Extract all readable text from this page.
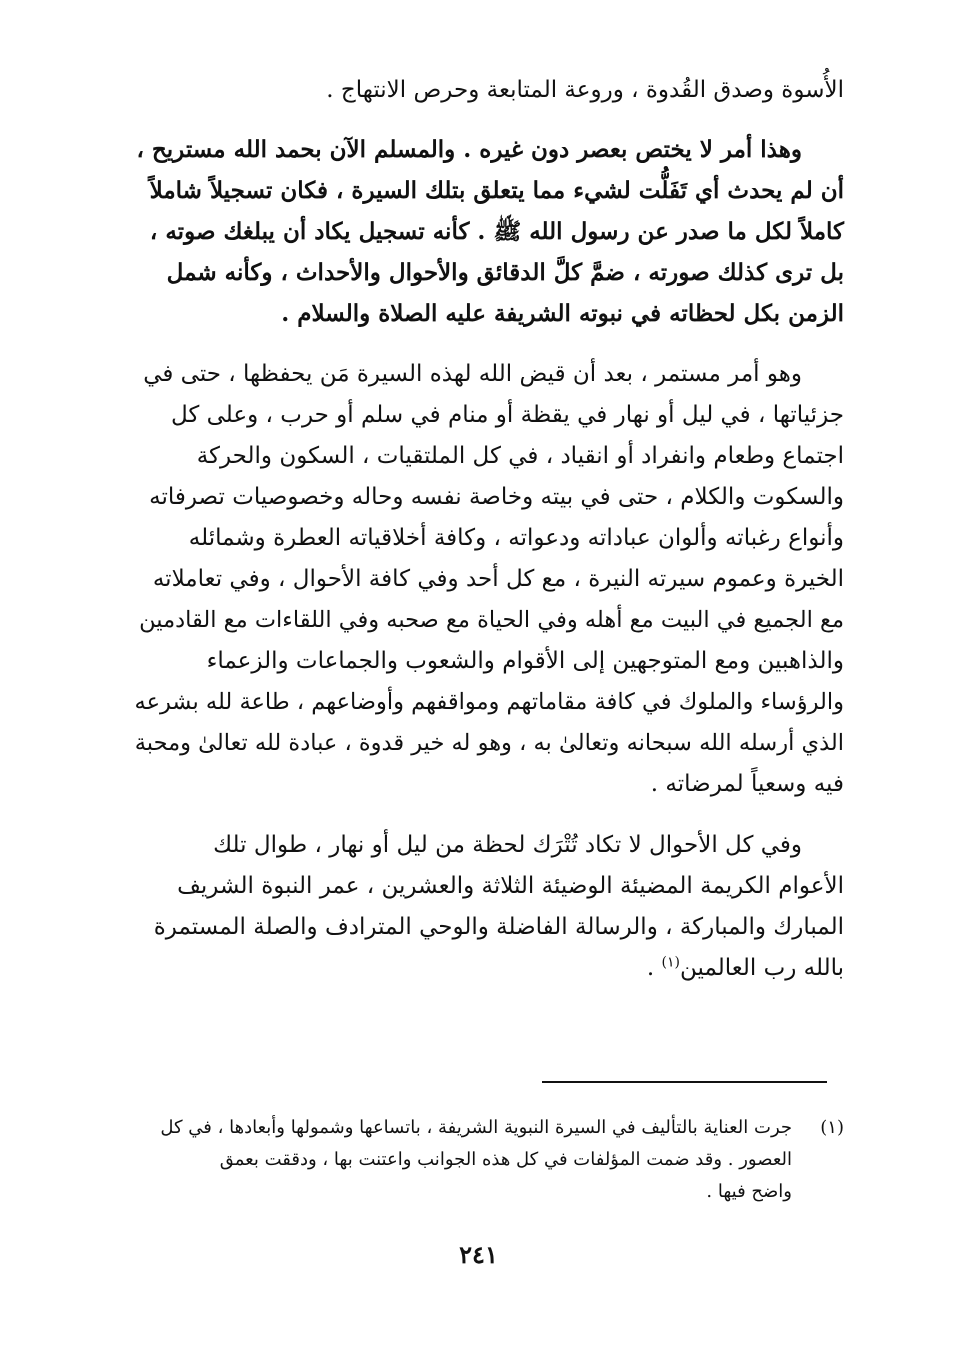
الأُسوة وصدق القُدوة ، وروعة المتابعة وحرص الانتهاج .
وهذا أمر لا يختص بعصر دون غيره . والمسلم الآن بحمد الله مستريح ،
أن لم يحدث أي تَفَلُّت لشيء مما يتعلق بتلك السيرة ، فكان تسجيلاً شاملاً
كاملاً لكل ما صدر عن رسول الله ﷺ . كأنه تسجيل يكاد أن يبلغك صوته ،
بل ترى كذلك صورته ، ضمَّ كلَّ الدقائق والأحوال والأحداث ، وكأنه شمل
الزمن بكل لحظاته في نبوته الشريفة عليه الصلاة والسلام .
وهو أمر مستمر ، بعد أن قيض الله لهذه السيرة مَن يحفظها ، حتى في
جزئياتها ، في ليل أو نهار في يقظة أو منام في سلم أو حرب ، وعلى كل
اجتماع وطعام وانفراد أو انقياد ، في كل الملتقيات ، السكون والحركة
والسكوت والكلام ، حتى في بيته وخاصة نفسه وحاله وخصوصيات تصرفاته
وأنواع رغباته وألوان عباداته ودعواته ، وكافة أخلاقياته العطرة وشمائله
الخيرة وعموم سيرته النيرة ، مع كل أحد وفي كافة الأحوال ، وفي تعاملاته
مع الجميع في البيت مع أهله وفي الحياة مع صحبه وفي اللقاءات مع القادمين
والذاهبين ومع المتوجهين إلى الأقوام والشعوب والجماعات والزعماء
والرؤساء والملوك في كافة مقاماتهم ومواقفهم وأوضاعهم ، طاعة لله بشرعه
الذي أرسله الله سبحانه وتعالىٰ به ، وهو له خير قدوة ، عبادة لله تعالىٰ ومحبة
فيه وسعياً لمرضاته .
وفي كل الأحوال لا تكاد تُتْرَك لحظة من ليل أو نهار ، طوال تلك
الأعوام الكريمة المضيئة الوضيئة الثلاثة والعشرين ، عمر النبوة الشريف
المبارك والمباركة ، والرسالة الفاضلة والوحي المترادف والصلة المستمرة
بالله رب العالمين$^{(١)}$ .
(١)
جرت العناية بالتأليف في السيرة النبوية الشريفة ، باتساعها وشمولها وأبعادها ، في كل
العصور . وقد ضمت المؤلفات في كل هذه الجوانب واعتنت بها ، ودققت بعمق
واضح فيها .
٢٤١
